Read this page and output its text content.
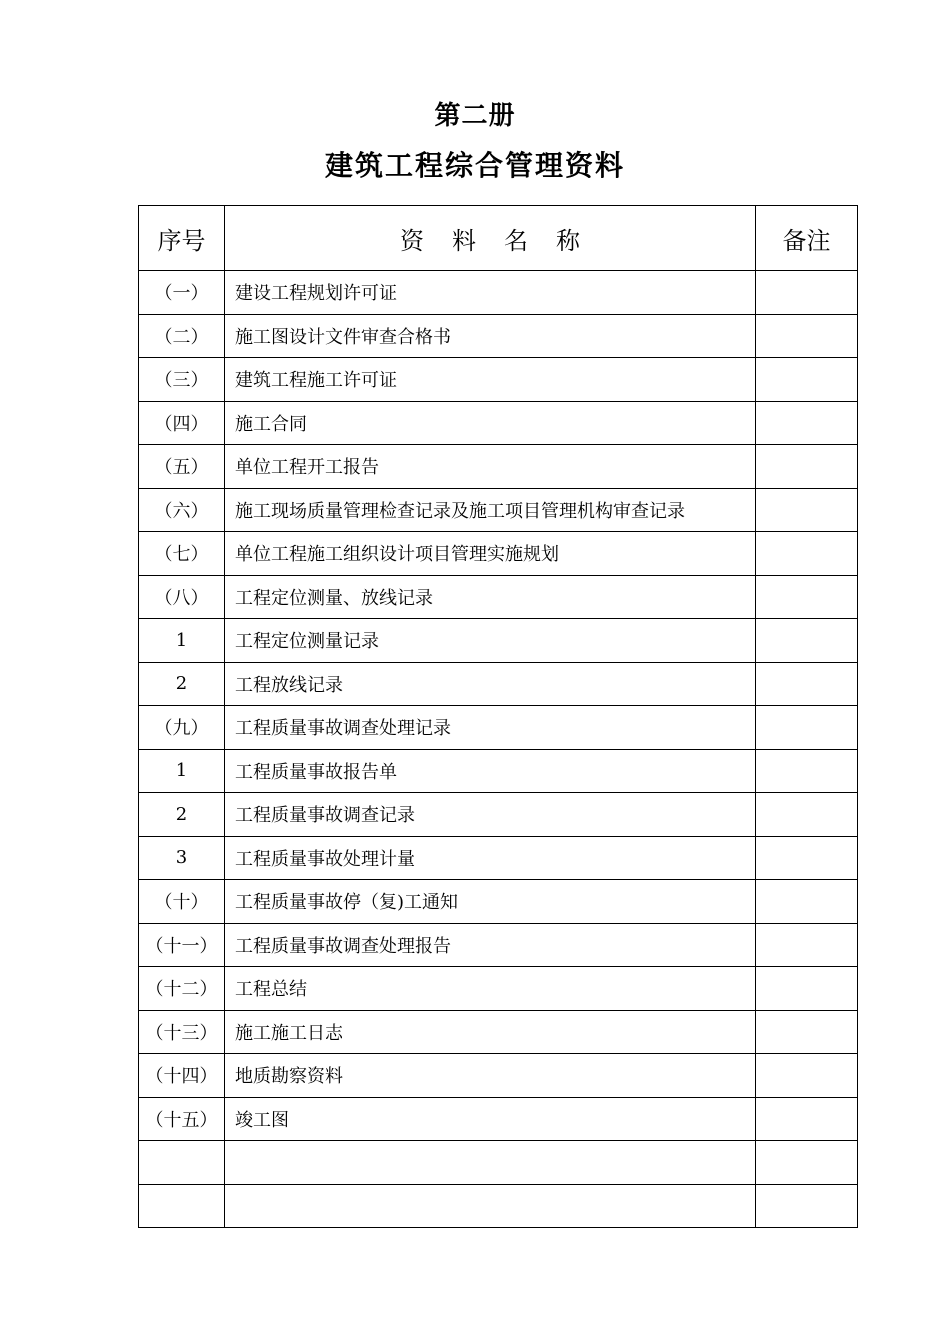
第二册
建筑工程综合管理资料
序号	资料名称	备注
（一）	建设工程规划许可证	
（二）	施工图设计文件审查合格书	
（三）	建筑工程施工许可证	
（四）	施工合同	
（五）	单位工程开工报告	
（六）	施工现场质量管理检查记录及施工项目管理机构审查记录	
（七）	单位工程施工组织设计项目管理实施规划	
（八）	工程定位测量、放线记录	
1	工程定位测量记录	
2	工程放线记录	
（九）	工程质量事故调查处理记录	
1	工程质量事故报告单	
2	工程质量事故调查记录	
3	工程质量事故处理计量	
（十）	工程质量事故停（复)工通知	
（十一）	工程质量事故调查处理报告	
（十二）	工程总结	
（十三）	施工施工日志	
（十四）	地质勘察资料	
（十五）	竣工图	
